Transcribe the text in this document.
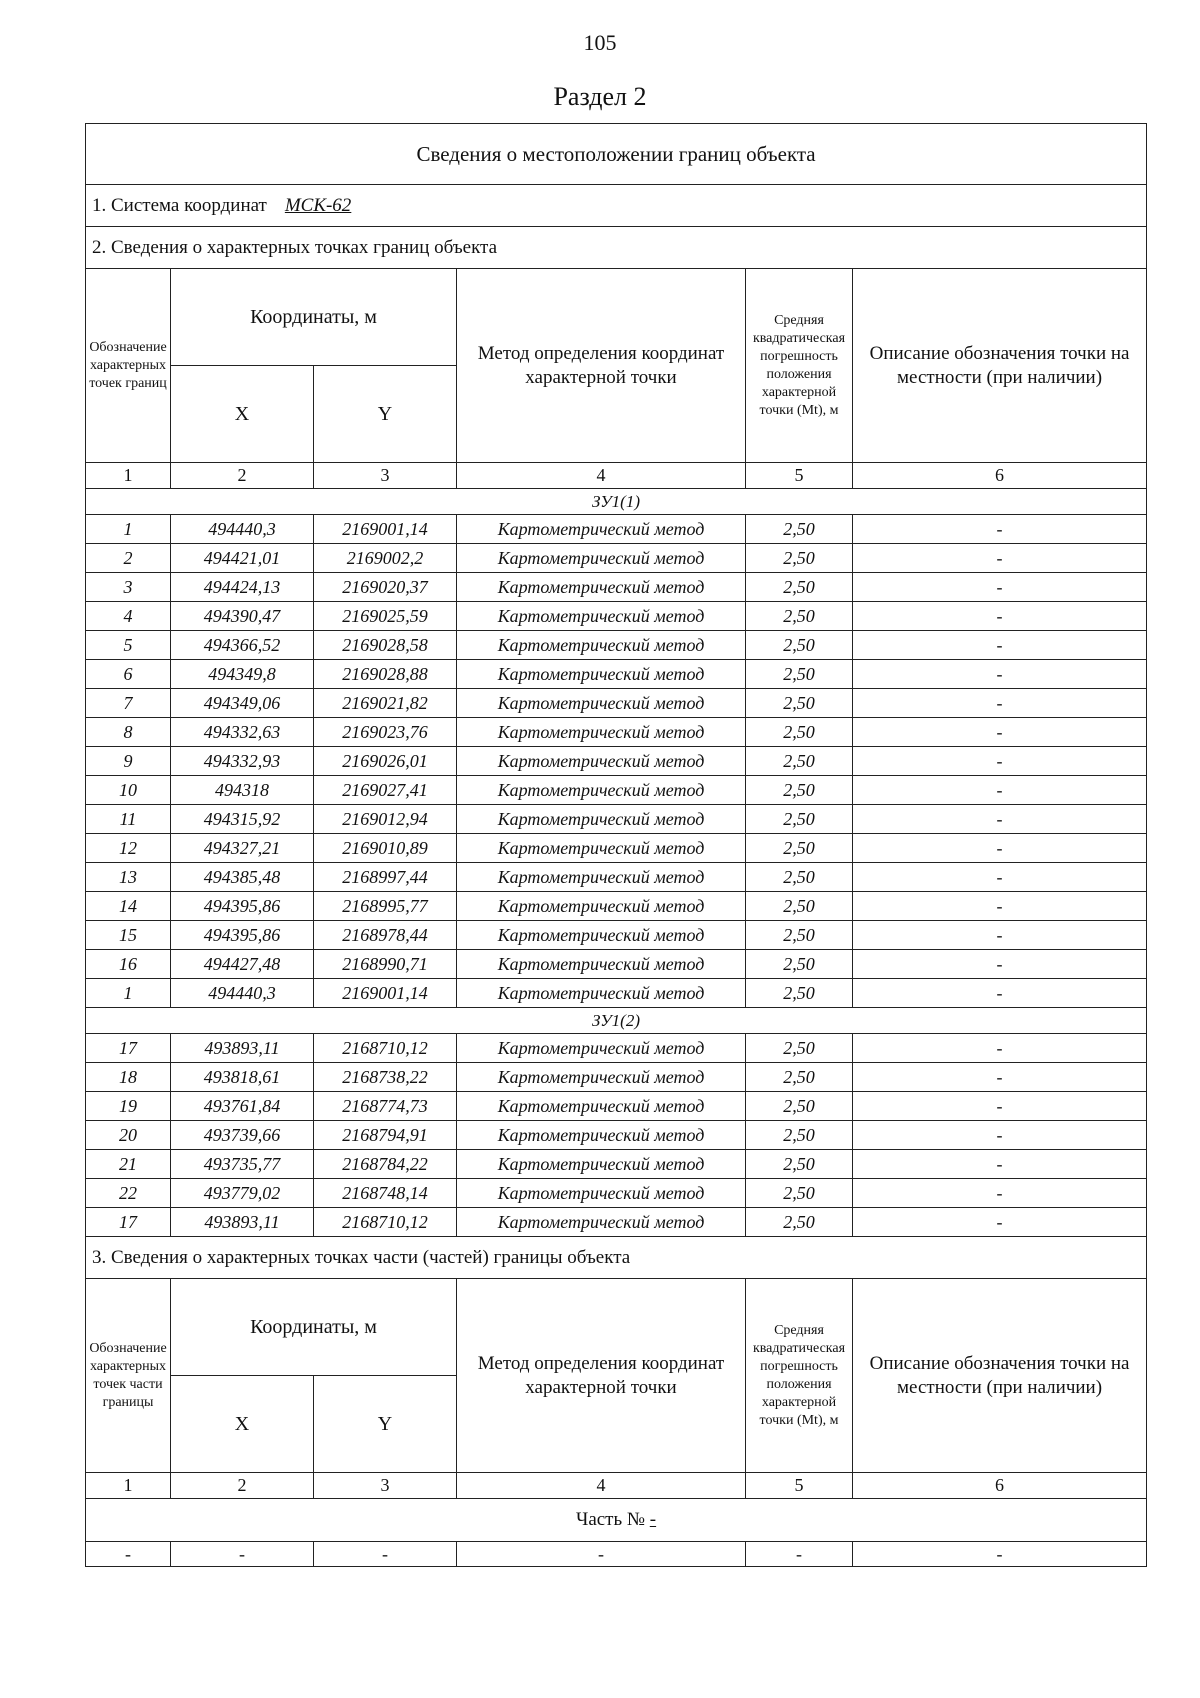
105
Раздел 2
Сведения о местоположении границ объекта					
1. Система координат МСК-62					
2. Сведения о характерных точках границ объекта					
Обозначение характерных точек границ	Координаты, м		Метод определения координат характерной точки	Средняя квадратическая погрешность положения характерной точки (Mt), м	Описание обозначения точки на местности (при наличии)
	X	Y			
1	2	3	4	5	6
ЗУ1(1)					
1	494440,3	2169001,14	Картометрический метод	2,50	-
2	494421,01	2169002,2	Картометрический метод	2,50	-
3	494424,13	2169020,37	Картометрический метод	2,50	-
4	494390,47	2169025,59	Картометрический метод	2,50	-
5	494366,52	2169028,58	Картометрический метод	2,50	-
6	494349,8	2169028,88	Картометрический метод	2,50	-
7	494349,06	2169021,82	Картометрический метод	2,50	-
8	494332,63	2169023,76	Картометрический метод	2,50	-
9	494332,93	2169026,01	Картометрический метод	2,50	-
10	494318	2169027,41	Картометрический метод	2,50	-
11	494315,92	2169012,94	Картометрический метод	2,50	-
12	494327,21	2169010,89	Картометрический метод	2,50	-
13	494385,48	2168997,44	Картометрический метод	2,50	-
14	494395,86	2168995,77	Картометрический метод	2,50	-
15	494395,86	2168978,44	Картометрический метод	2,50	-
16	494427,48	2168990,71	Картометрический метод	2,50	-
1	494440,3	2169001,14	Картометрический метод	2,50	-
ЗУ1(2)					
17	493893,11	2168710,12	Картометрический метод	2,50	-
18	493818,61	2168738,22	Картометрический метод	2,50	-
19	493761,84	2168774,73	Картометрический метод	2,50	-
20	493739,66	2168794,91	Картометрический метод	2,50	-
21	493735,77	2168784,22	Картометрический метод	2,50	-
22	493779,02	2168748,14	Картометрический метод	2,50	-
17	493893,11	2168710,12	Картометрический метод	2,50	-
3. Сведения о характерных точках части (частей) границы объекта					
Обозначение характерных точек части границы	Координаты, м		Метод определения координат характерной точки	Средняя квадратическая погрешность положения характерной точки (Mt), м	Описание обозначения точки на местности (при наличии)
	X	Y			
1	2	3	4	5	6
Часть № -					
-	-	-	-	-	-
